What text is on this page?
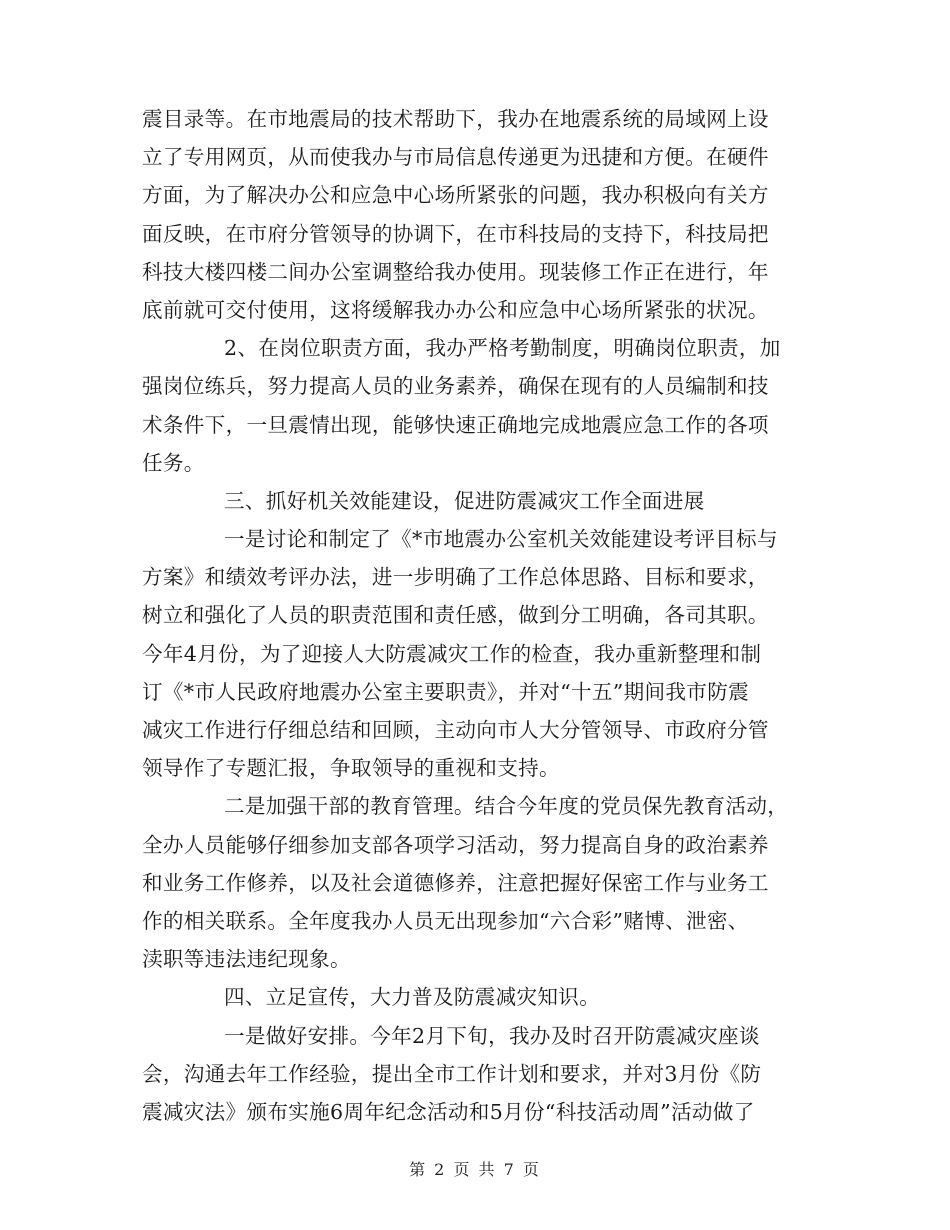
震目录等。在市地震局的技术帮助下，我办在地震系统的局域网上设
立了专用网页，从而使我办与市局信息传递更为迅捷和方便。在硬件
方面，为了解决办公和应急中心场所紧张的问题，我办积极向有关方
面反映，在市府分管领导的协调下，在市科技局的支持下，科技局把
科技大楼四楼二间办公室调整给我办使用。现装修工作正在进行，年
底前就可交付使用，这将缓解我办办公和应急中心场所紧张的状况。
2、在岗位职责方面，我办严格考勤制度，明确岗位职责，加
强岗位练兵，努力提高人员的业务素养，确保在现有的人员编制和技
术条件下，一旦震情出现，能够快速正确地完成地震应急工作的各项
任务。
三、抓好机关效能建设，促进防震减灾工作全面进展
一是讨论和制定了《*市地震办公室机关效能建设考评目标与
方案》和绩效考评办法，进一步明确了工作总体思路、目标和要求，
树立和强化了人员的职责范围和责任感，做到分工明确，各司其职。
今年4月份，为了迎接人大防震减灾工作的检查，我办重新整理和制
订《*市人民政府地震办公室主要职责》，并对“十五”期间我市防震
减灾工作进行仔细总结和回顾，主动向市人大分管领导、市政府分管
领导作了专题汇报，争取领导的重视和支持。
二是加强干部的教育管理。结合今年度的党员保先教育活动，
全办人员能够仔细参加支部各项学习活动，努力提高自身的政治素养
和业务工作修养，以及社会道德修养，注意把握好保密工作与业务工
作的相关联系。全年度我办人员无出现参加“六合彩”赌博、泄密、
渎职等违法违纪现象。
四、立足宣传，大力普及防震减灾知识。
一是做好安排。今年2月下旬，我办及时召开防震减灾座谈
会，沟通去年工作经验，提出全市工作计划和要求，并对3月份《防
震减灾法》颁布实施6周年纪念活动和5月份“科技活动周”活动做了
第 2 页 共 7 页
